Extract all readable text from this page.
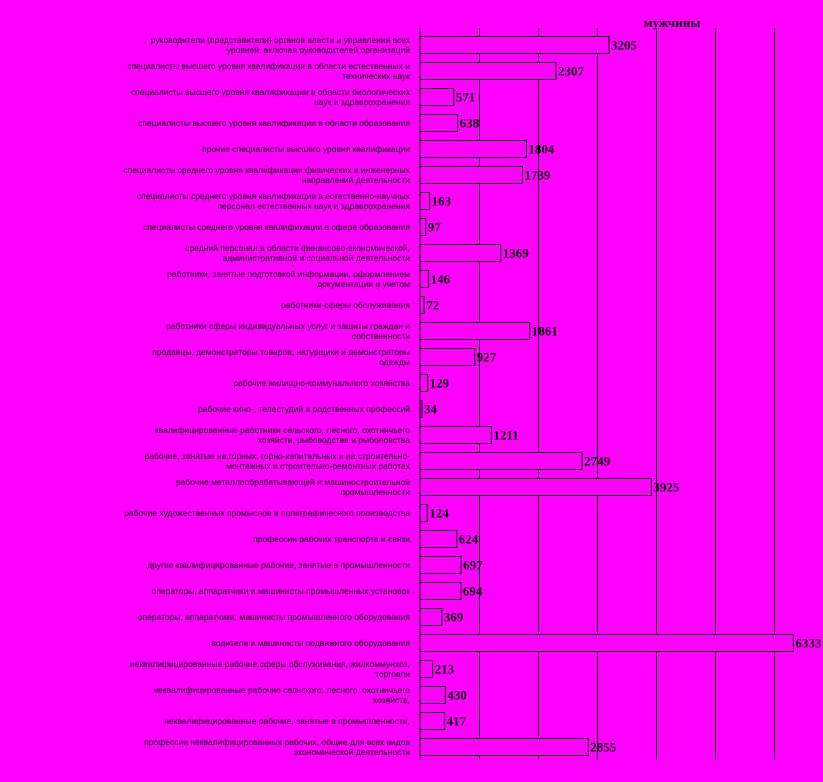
руководители (представители) органов власти и управления всех
уровней, включая руководителей организаций
специалисты высшего уровня квалификации в области естественных и
технических наук
специалисты высшего уровня квалификации в области биологических
наук и здравоохранения
специалисты высшего уровня квалификации в области образования
прочие специалисты высшего уровня квалификации
специалисты среднего уровня квалификации физических и инженерных
направлений деятельности
специалисты среднего уровня квалификации в естественно-научных
персонал естественных наук и здравоохранения
специалисты среднего уровня квалификации в сфере образования
средний персонал в области финансово-экономической,
административной и социальной деятельности
работники, занятые подготовкой информации, оформлением
документации и учетом
работники сферы обслуживания
работники сферы индивидуальных услуг и защиты граждан и
собственности
продавцы, демонстраторы товаров, натурщики и демонстраторы
одежды
рабочие жилищно-коммунального хозяйства
рабочие кино-, телестудий и родственных профессий
квалифицированные работники сельского, лесного, охотничьего
хозяйств, рыбоводства и рыболовства
рабочие, занятые на горных, горно-капитальных и на строительно-
монтажных и строительно-ремонтных работах
рабочие металлообрабатывающей и машиностроительной
промышленности
рабочие художественных промыслов и полиграфического производства
профессии рабочих транспорта и связи
другие квалифицированные рабочие, занятые в промышленности
операторы, аппаратчики и машинисты промышленных установок
операторы, аппаратчики, машинисты промышленного оборудования
водители и машинисты подвижного оборудования
неквалифицированные рабочие сферы обслуживания, жилкоммунхоз,
торговли
неквалифицированные рабочие сельского, лесного, охотничьего
хозяйств,
неквалифицированные рабочие, занятые в промышленности,
профессии неквалифицированных рабочих, общие для всех видов
экономической деятельности
3205
2307
571
638
1804
1739
163
97
1369
146
72
1861
927
129
34
1211
2749
3925
124
624
697
694
369
6333
213
430
417
2855
мужчины
